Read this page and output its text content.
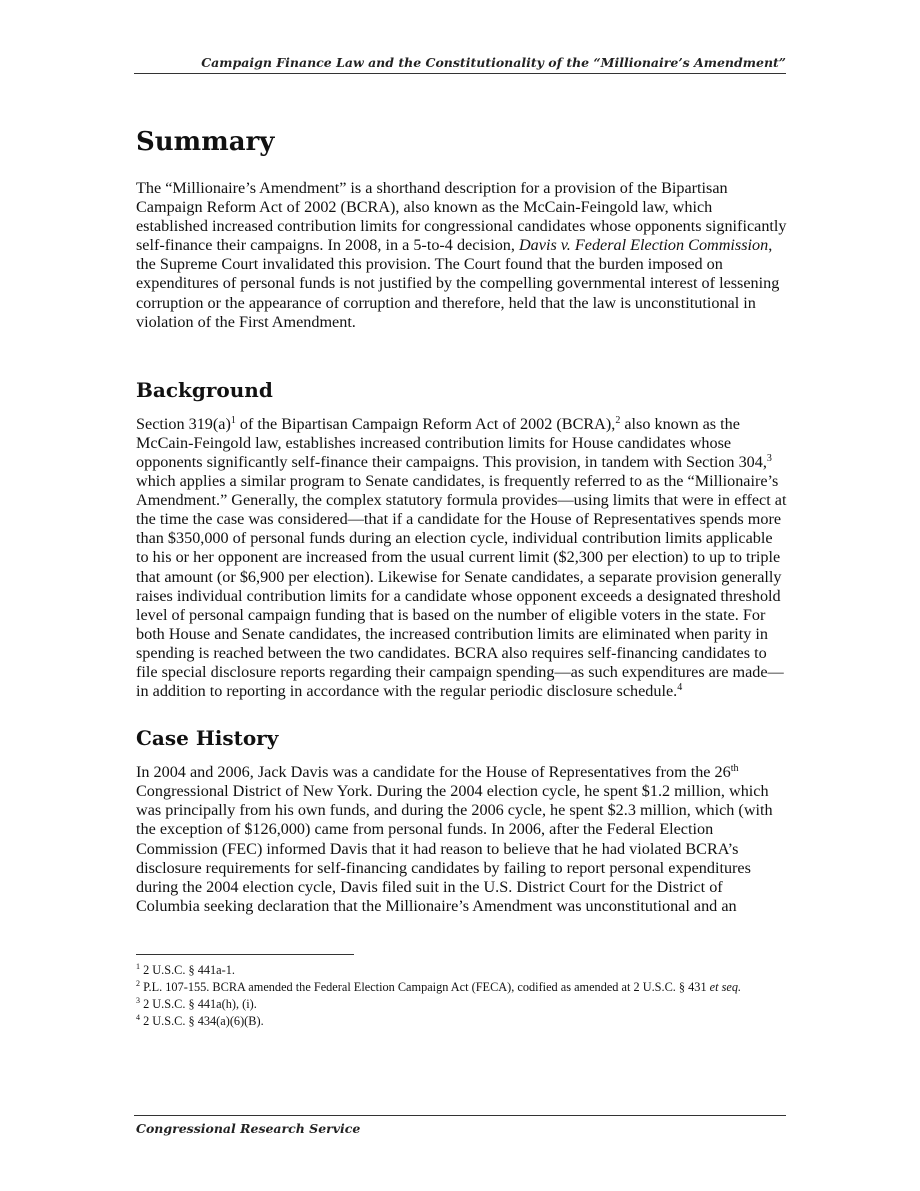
Campaign Finance Law and the Constitutionality of the “Millionaire’s Amendment”
Summary

The “Millionaire’s Amendment” is a shorthand description for a provision of the Bipartisan Campaign Reform Act of 2002 (BCRA), also known as the McCain-Feingold law, which established increased contribution limits for congressional candidates whose opponents significantly self-finance their campaigns. In 2008, in a 5-to-4 decision, Davis v. Federal Election Commission, the Supreme Court invalidated this provision. The Court found that the burden imposed on expenditures of personal funds is not justified by the compelling governmental interest of lessening corruption or the appearance of corruption and therefore, held that the law is unconstitutional in violation of the First Amendment.

Background

Section $319(a)^1$ of the Bipartisan Campaign Reform Act of 2002 (BCRA),$^2$ also known as the McCain-Feingold law, establishes increased contribution limits for House candidates whose opponents significantly self-finance their campaigns. This provision, in tandem with Section 304,$^3$ which applies a similar program to Senate candidates, is frequently referred to as the “Millionaire’s Amendment.” Generally, the complex statutory formula provides—using limits that were in effect at the time the case was considered—that if a candidate for the House of Representatives spends more than $350,000 of personal funds during an election cycle, individual contribution limits applicable to his or her opponent are increased from the usual current limit ($2,300 per election) to up to triple that amount (or $6,900 per election). Likewise for Senate candidates, a separate provision generally raises individual contribution limits for a candidate whose opponent exceeds a designated threshold level of personal campaign funding that is based on the number of eligible voters in the state. For both House and Senate candidates, the increased contribution limits are eliminated when parity in spending is reached between the two candidates. BCRA also requires self-financing candidates to file special disclosure reports regarding their campaign spending—as such expenditures are made—in addition to reporting in accordance with the regular periodic disclosure schedule.$^4$

Case History

In 2004 and 2006, Jack Davis was a candidate for the House of Representatives from the 26th Congressional District of New York. During the 2004 election cycle, he spent $1.2 million, which was principally from his own funds, and during the 2006 cycle, he spent $2.3 million, which (with the exception of $126,000) came from personal funds. In 2006, after the Federal Election Commission (FEC) informed Davis that it had reason to believe that he had violated BCRA’s disclosure requirements for self-financing candidates by failing to report personal expenditures during the 2004 election cycle, Davis filed suit in the U.S. District Court for the District of Columbia seeking declaration that the Millionaire’s Amendment was unconstitutional and an

$^1$ 2 U.S.C. § 441a-1.

$^2$ P.L. 107-155. BCRA amended the Federal Election Campaign Act (FECA), codified as amended at 2 U.S.C. § 431 et seq.

$^3$ 2 U.S.C. § 441a(h), (i).

$^4$ 2 U.S.C. § 434(a)(6)(B).

Congressional Research Service
